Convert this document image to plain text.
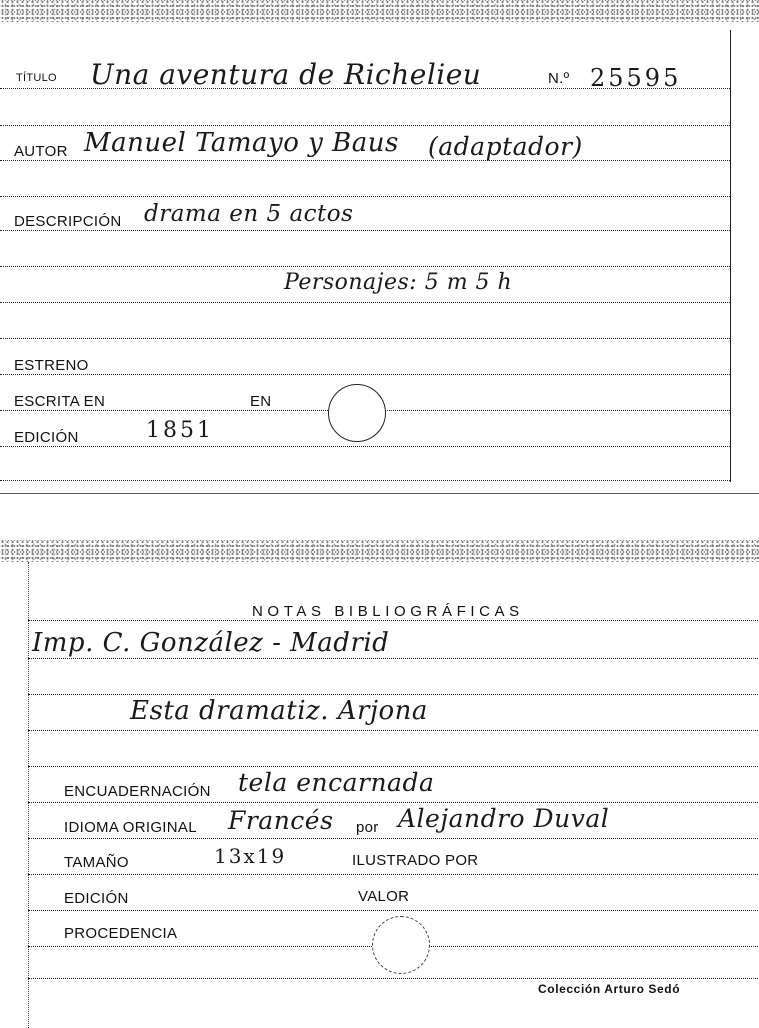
TÍTULO Una aventura de Richelieu	N.º 25595
AUTOR Manuel Tamayo y Baus (adaptador)
DESCRIPCIÓN drama en 5 actos
Personajes: 5 m 5 h
ESTRENO
ESCRITA EN	EN
EDICIÓN	1851
NOTAS BIBLIOGRÁFICAS
Imp. C. González - Madrid
Esta dramatiz. Arjona
ENCUADERNACIÓN tela encarnada
IDIOMA ORIGINAL Francés por Alejandro Duval
TAMAÑO	13x19	ILUSTRADO POR
EDICIÓN	VALOR
PROCEDENCIA
Colección Arturo Sedó
